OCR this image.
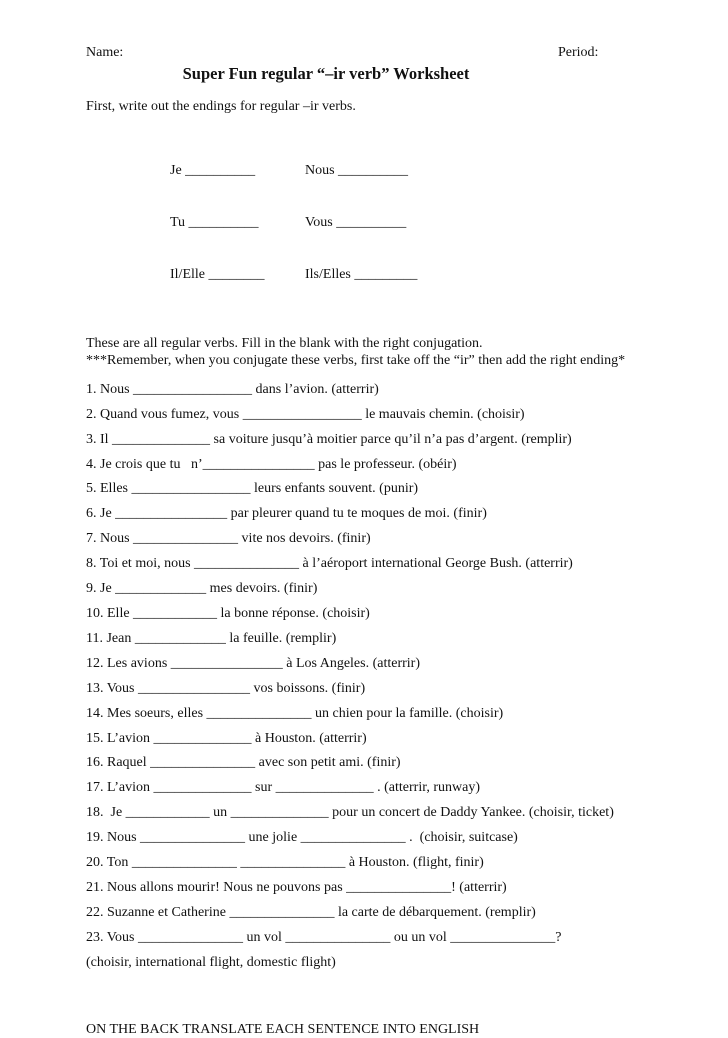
Name:	Period:
Super Fun regular “–ir verb” Worksheet
First, write out the endings for regular –ir verbs.

Je __________	Nous __________

Tu __________	Vous __________

Il/Elle ________	Ils/Elles _________

These are all regular verbs. Fill in the blank with the right conjugation.
***Remember, when you conjugate these verbs, first take off the “ir” then add the right ending*
1. Nous _________________ dans l’avion. (atterrir)
2. Quand vous fumez, vous _________________ le mauvais chemin. (choisir)
3. Il ______________ sa voiture jusqu’à moitier parce qu’il n’a pas d’argent. (remplir)
4. Je crois que tu   n’________________ pas le professeur. (obéir)
5. Elles _________________ leurs enfants souvent. (punir)
6. Je ________________ par pleurer quand tu te moques de moi. (finir)
7. Nous _______________ vite nos devoirs. (finir)
8. Toi et moi, nous _______________ à l’aéroport international George Bush. (atterrir)
9. Je _____________ mes devoirs. (finir)
10. Elle ____________ la bonne réponse. (choisir)
11. Jean _____________ la feuille. (remplir)
12. Les avions ________________ à Los Angeles. (atterrir)
13. Vous ________________ vos boissons. (finir)
14. Mes soeurs, elles _______________ un chien pour la famille. (choisir)
15. L’avion ______________ à Houston. (atterrir)
16. Raquel _______________ avec son petit ami. (finir)
17. L’avion ______________ sur ______________ . (atterrir, runway)
18.  Je ____________ un ______________ pour un concert de Daddy Yankee. (choisir, ticket)
19. Nous _______________ une jolie _______________ .  (choisir, suitcase)
20. Ton _______________ _______________ à Houston. (flight, finir)
21. Nous allons mourir! Nous ne pouvons pas _______________! (atterrir)
22. Suzanne et Catherine _______________ la carte de débarquement. (remplir)
23. Vous _______________ un vol _______________ ou un vol _______________?
(choisir, international flight, domestic flight)
ON THE BACK TRANSLATE EACH SENTENCE INTO ENGLISH
